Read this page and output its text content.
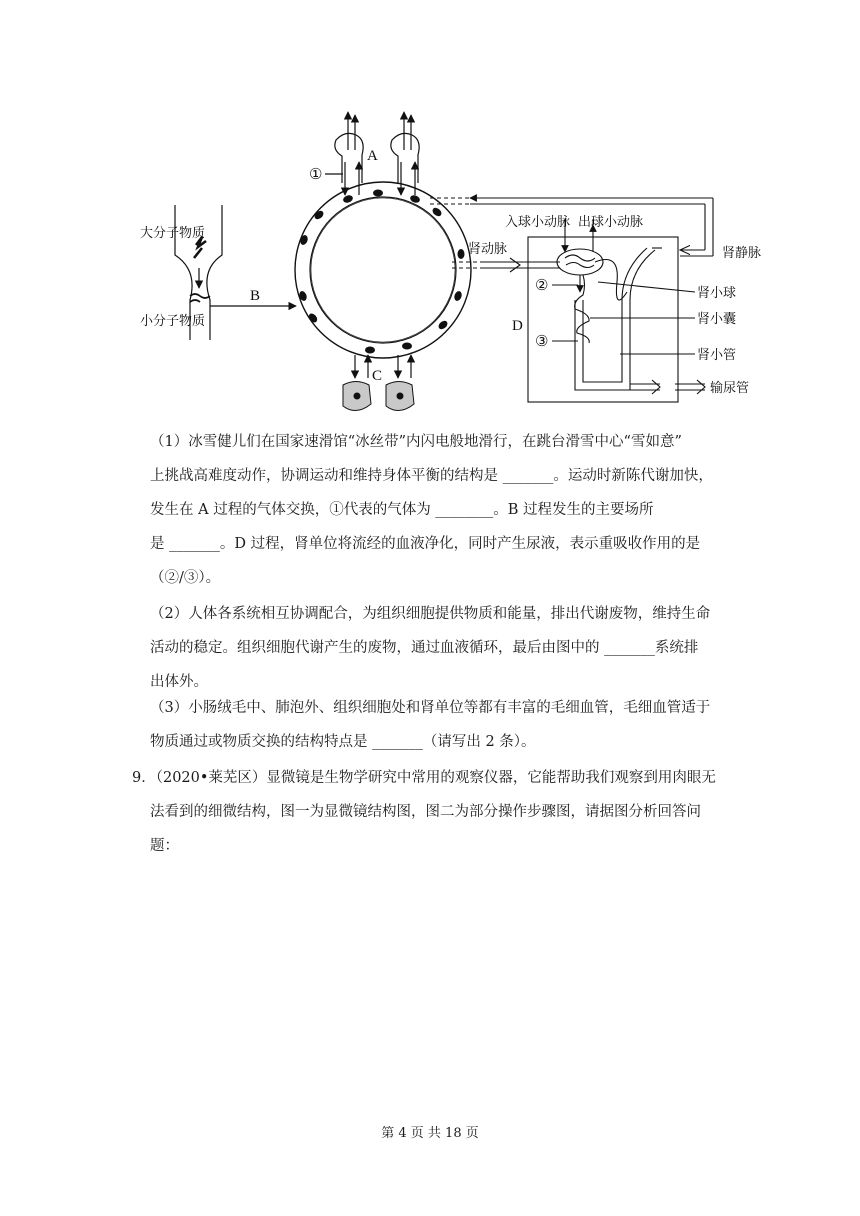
大分子物质
小分子物质
B
A
①
C
D
②
③
入球小动脉 出球小动脉
肾动脉	肾静脉
肾小球
肾小囊
肾小管
输尿管
（1）冰雪健儿们在国家速滑馆“冰丝带”内闪电般地滑行，在跳台滑雪中心“雪如意”
上挑战高难度动作，协调运动和维持身体平衡的结构是 _______。运动时新陈代谢加快，
发生在 A 过程的气体交换，①代表的气体为 ________。B 过程发生的主要场所
是 _______。D 过程，肾单位将流经的血液净化，同时产生尿液，表示重吸收作用的是
（②/③）。
（2）人体各系统相互协调配合，为组织细胞提供物质和能量，排出代谢废物，维持生命
活动的稳定。组织细胞代谢产生的废物，通过血液循环，最后由图中的 _______系统排
出体外。
（3）小肠绒毛中、肺泡外、组织细胞处和肾单位等都有丰富的毛细血管，毛细血管适于
物质通过或物质交换的结构特点是 _______（请写出 2 条）。
9．（2020•莱芜区）显微镜是生物学研究中常用的观察仪器，它能帮助我们观察到用肉眼无
法看到的细微结构，图一为显微镜结构图，图二为部分操作步骤图，请据图分析回答问
题：
第 4 页 共 18 页
